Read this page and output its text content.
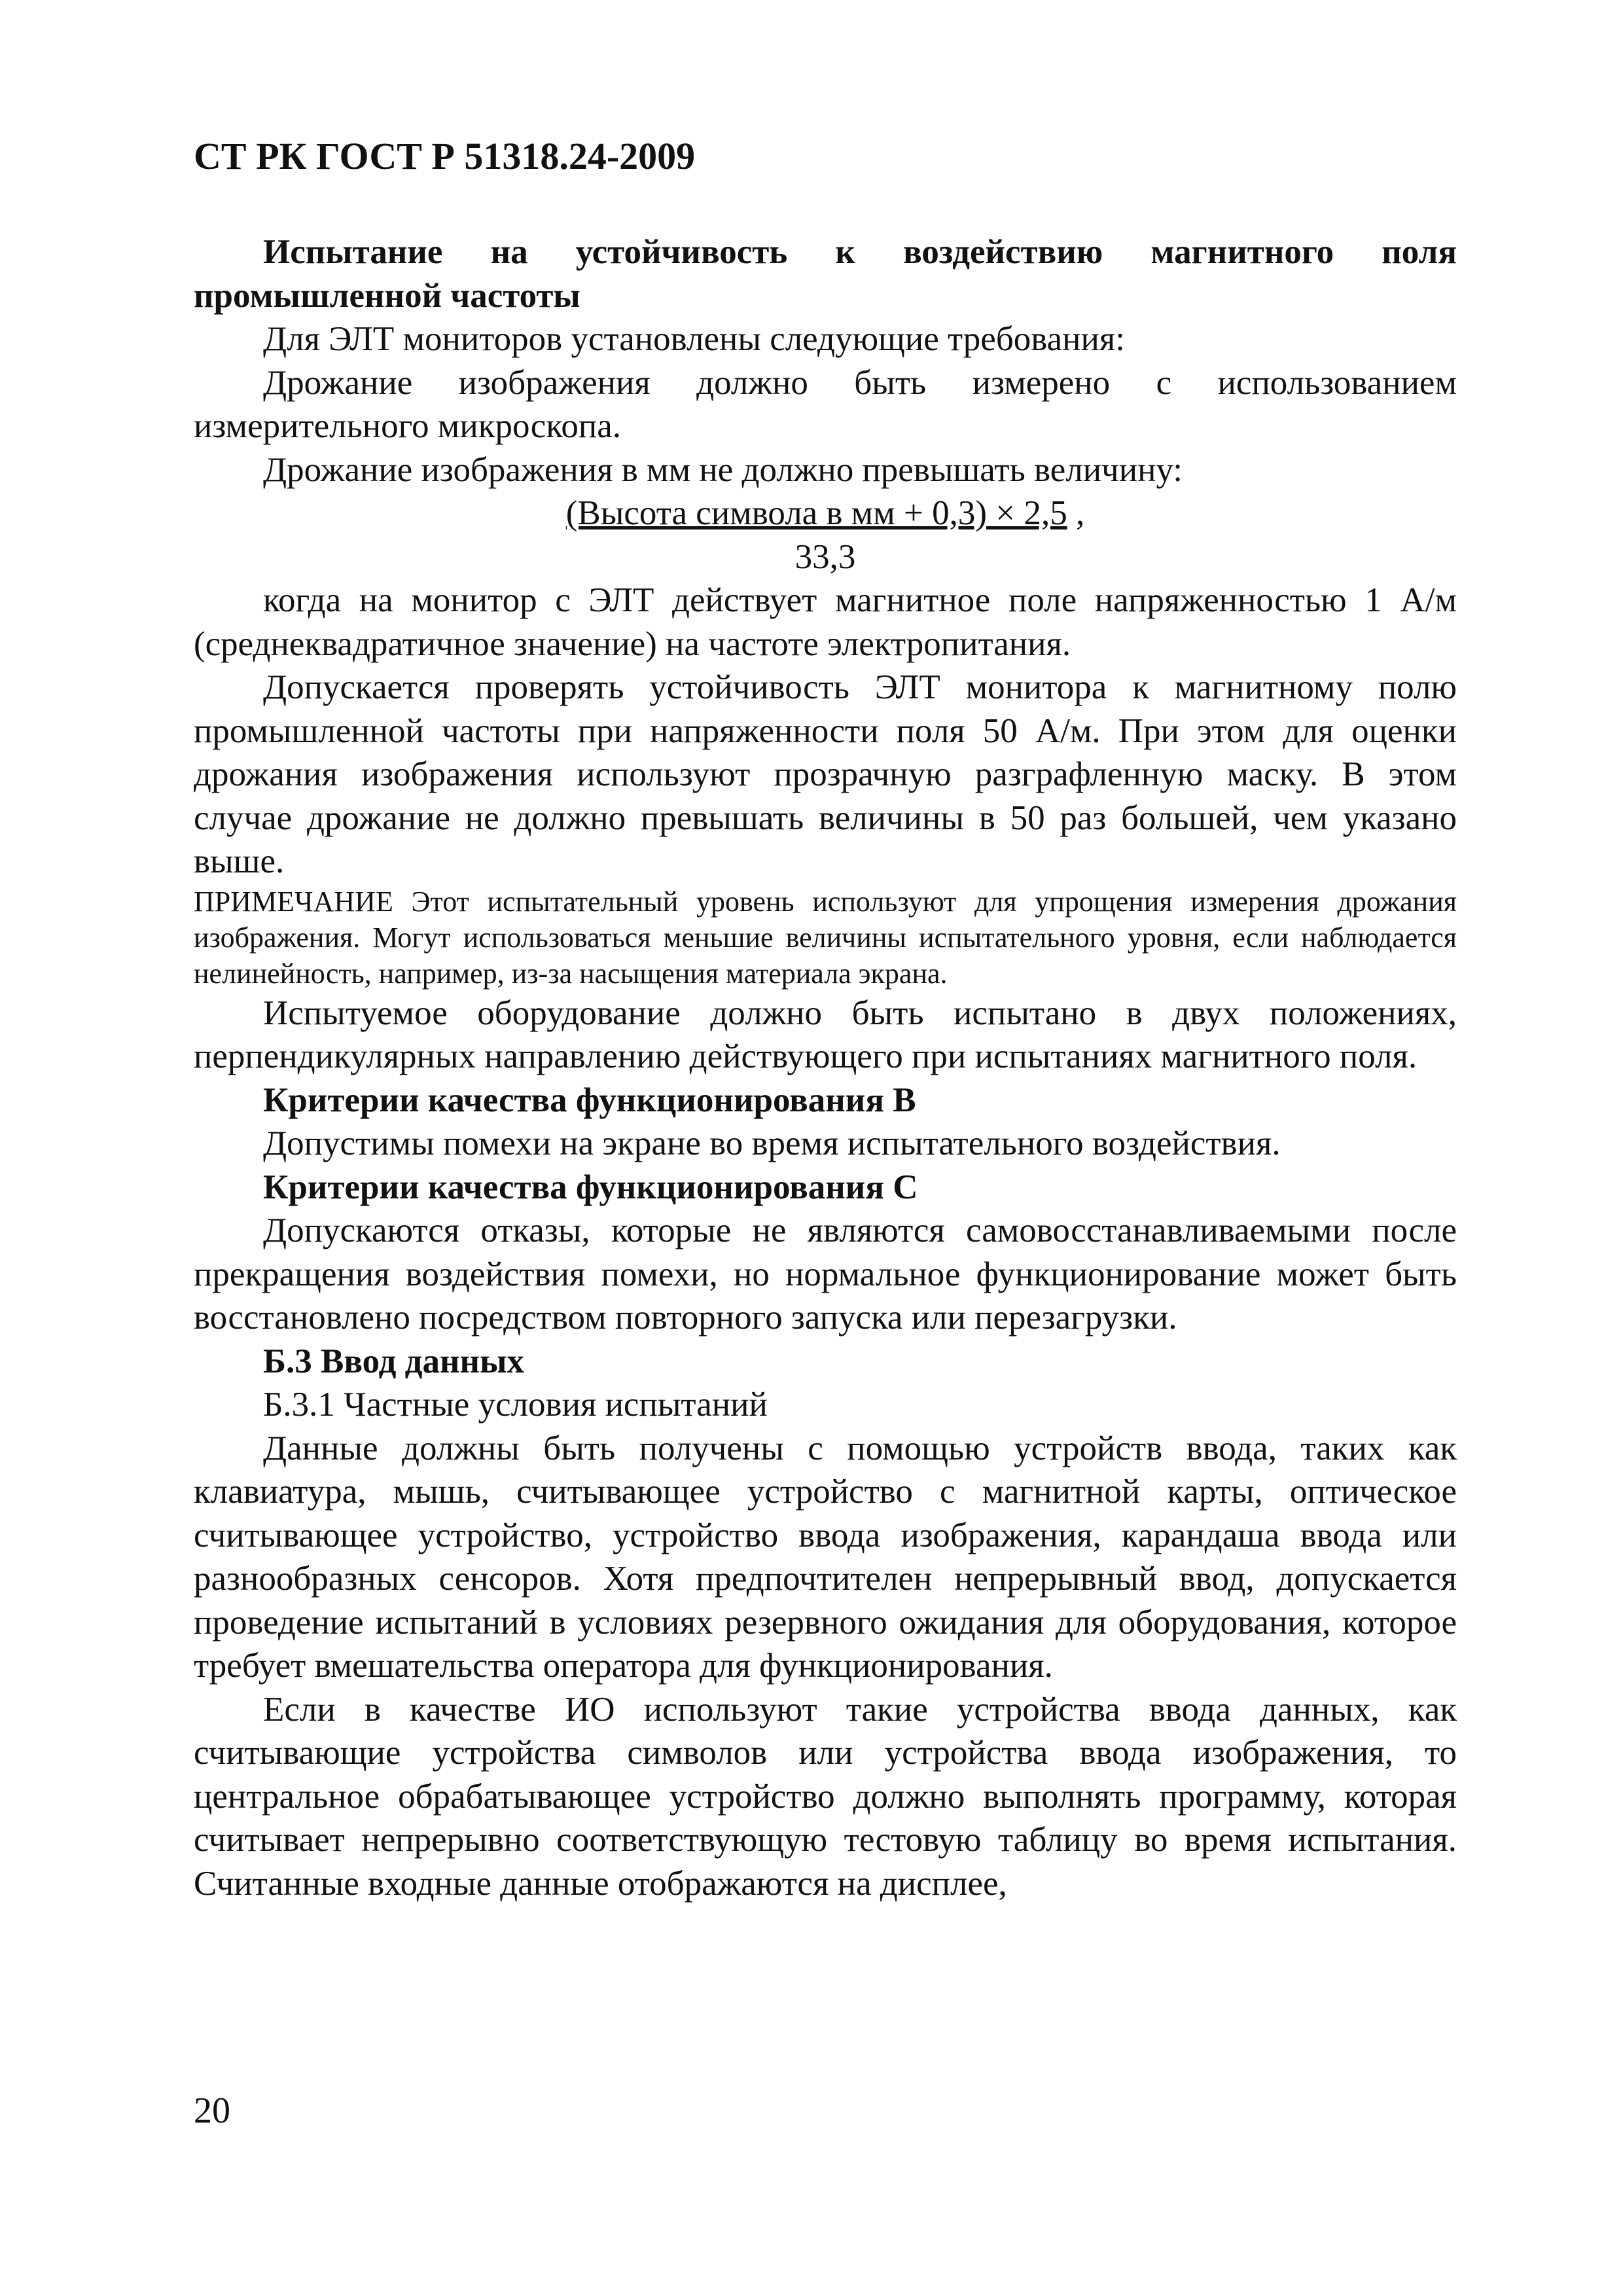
СТ РК ГОСТ Р 51318.24-2009

Испытание на устойчивость к воздействию магнитного поля промышленной частоты

Для ЭЛТ мониторов установлены следующие требования:

Дрожание изображения должно быть измерено с использованием измерительного микроскопа.

Дрожание изображения в мм не должно превышать величину:

(Высота символа в мм + 0,3) × 2,5 ,
33,3

когда на монитор с ЭЛТ действует магнитное поле напряженностью 1 А/м (среднеквадратичное значение) на частоте электропитания.

Допускается проверять устойчивость ЭЛТ монитора к магнитному полю промышленной частоты при напряженности поля 50 А/м. При этом для оценки дрожания изображения используют прозрачную разграфленную маску. В этом случае дрожание не должно превышать величины в 50 раз большей, чем указано выше.

ПРИМЕЧАНИЕ Этот испытательный уровень используют для упрощения измерения дрожания изображения. Могут использоваться меньшие величины испытательного уровня, если наблюдается нелинейность, например, из-за насыщения материала экрана.

Испытуемое оборудование должно быть испытано в двух положениях, перпендикулярных направлению действующего при испытаниях магнитного поля.

Критерии качества функционирования B

Допустимы помехи на экране во время испытательного воздействия.

Критерии качества функционирования C

Допускаются отказы, которые не являются самовосстанавливаемыми после прекращения воздействия помехи, но нормальное функционирование может быть восстановлено посредством повторного запуска или перезагрузки.

Б.3 Ввод данных

Б.3.1 Частные условия испытаний

Данные должны быть получены с помощью устройств ввода, таких как клавиатура, мышь, считывающее устройство с магнитной карты, оптическое считывающее устройство, устройство ввода изображения, карандаша ввода или разнообразных сенсоров. Хотя предпочтителен непрерывный ввод, допускается проведение испытаний в условиях резервного ожидания для оборудования, которое требует вмешательства оператора для функционирования.

Если в качестве ИО используют такие устройства ввода данных, как считывающие устройства символов или устройства ввода изображения, то центральное обрабатывающее устройство должно выполнять программу, которая считывает непрерывно соответствующую тестовую таблицу во время испытания. Считанные входные данные отображаются на дисплее,

20
